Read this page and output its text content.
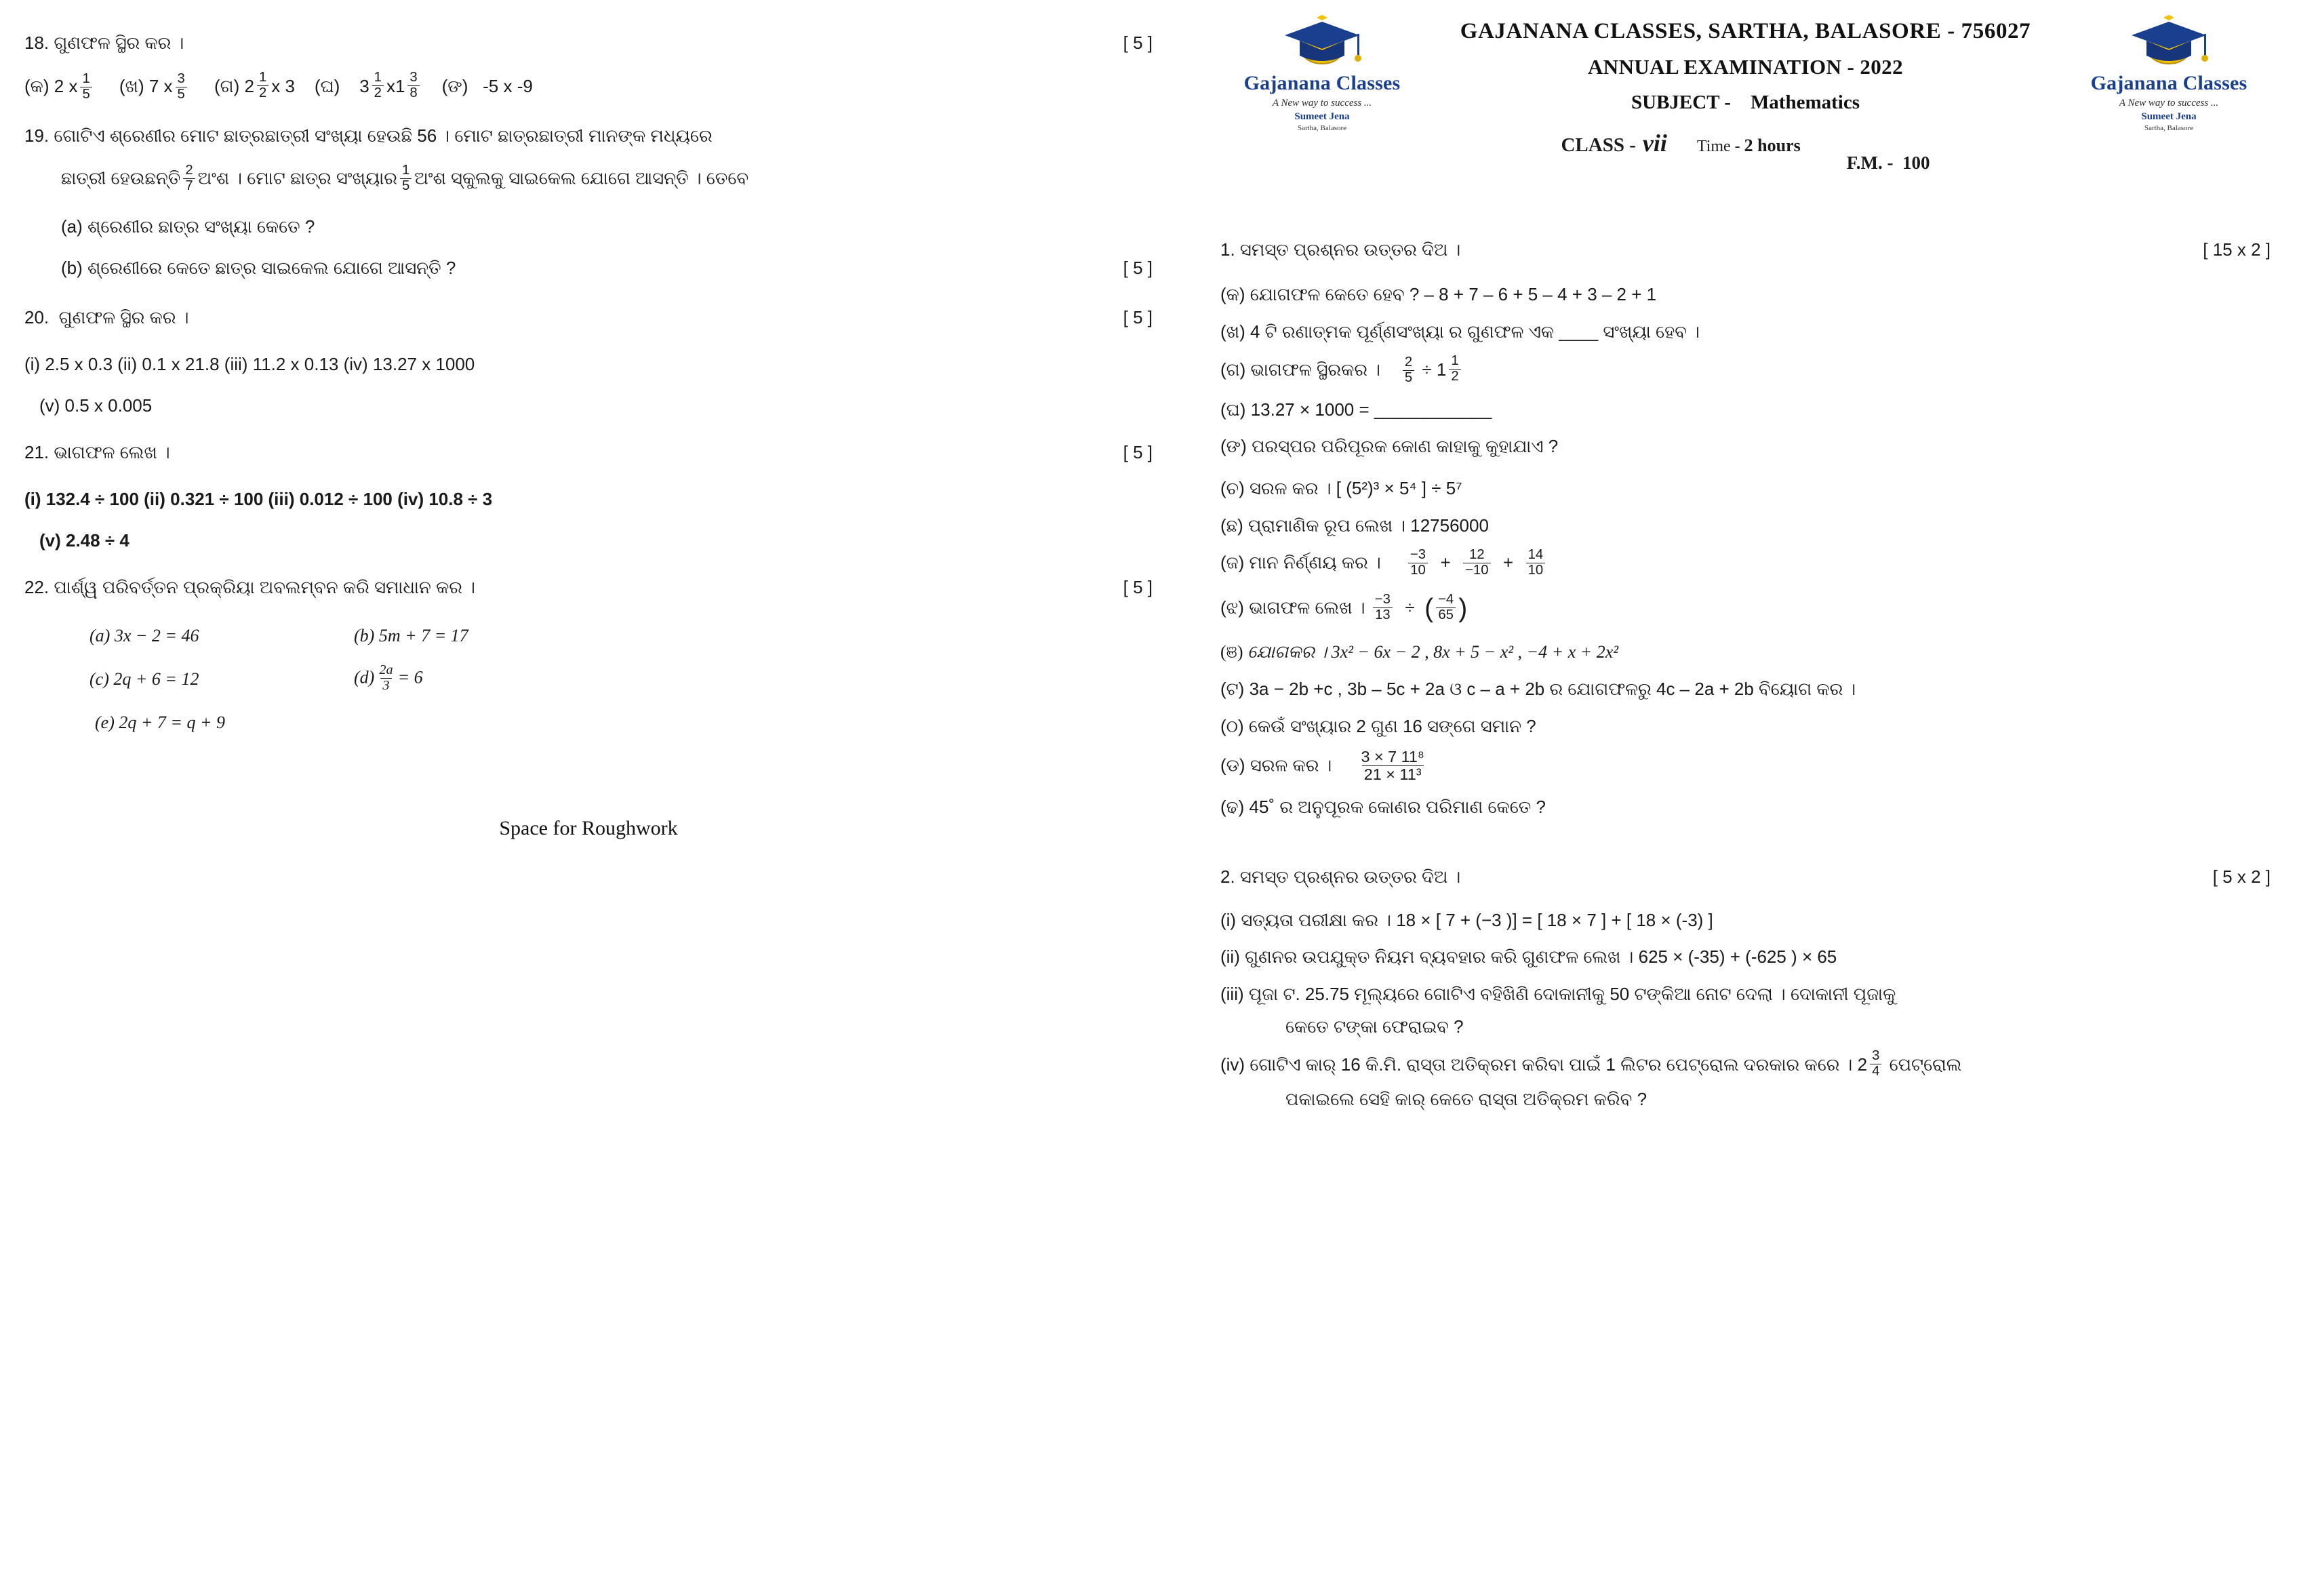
18. ଗୁଣଫଳ ସ୍ଥିର କର ।	[ 5 ]
(କ) 2 x $\frac{1}{5}$ (ଖ) 7 x $\frac{3}{5}$ (ଗ) $2 \frac{1}{2}$ x 3 (ଘ) $3 \frac{1}{2}$ x $1 \frac{3}{8}$ (ଙ) -5 x -9
19. ଗୋଟିଏ ଶ୍ରେଣୀର ମୋଟ ଛାତ୍ରଛାତ୍ରୀ ସଂଖ୍ୟା ହେଉଛି 56 । ମୋଟ ଛାତ୍ରଛାତ୍ରୀ ମାନଙ୍କ ମଧ୍ୟରେ
ଛାତ୍ରୀ ହେଉଛନ୍ତି $\frac{2}{7}$ ଅଂଶ । ମୋଟ ଛାତ୍ର ସଂଖ୍ୟାର $\frac{1}{5}$ ଅଂଶ ସ୍କୁଲକୁ ସାଇକେଲ ଯୋଗେ ଆସନ୍ତି । ତେବେ
(a) ଶ୍ରେଣୀର ଛାତ୍ର ସଂଖ୍ୟା କେତେ ?
(b) ଶ୍ରେଣୀରେ କେତେ ଛାତ୍ର ସାଇକେଲ ଯୋଗେ ଆସନ୍ତି ?	[ 5 ]
20. ଗୁଣଫଳ ସ୍ଥିର କର ।	[ 5 ]
(i) 2.5 x 0.3 (ii) 0.1 x 21.8 (iii) 11.2 x 0.13 (iv) 13.27 x 1000
(v) 0.5 x 0.005
21. ଭାଗଫଳ ଲେଖ ।	[ 5 ]
(i) 132.4 ÷ 100 (ii) 0.321 ÷ 100 (iii) 0.012 ÷ 100 (iv) 10.8 ÷ 3
(v) 2.48 ÷ 4
22. ପାର୍ଶ୍ୱ ପରିବର୍ତ୍ତନ ପ୍ରକ୍ରିୟା ଅବଲମ୍ବନ କରି ସମାଧାନ କର ।	[ 5 ]
(a) 3x − 2 = 46	(b) 5m + 7 = 17
(c) 2q + 6 = 12	$(d) \frac{2a}{3} = 6$
(e) 2q + 7 = q + 9
Space for Roughwork
Gajanana Classes
A New way to success ...
Sumeet Jena
Sartha, Balasore
Gajanana Classes
A New way to success ...
Sumeet Jena
Sartha, Balasore
GAJANANA CLASSES, SARTHA, BALASORE - 756027
ANNUAL EXAMINATION - 2022
SUBJECT - Mathematics
CLASS - vii Time - 2 hours
F.M. - 100
1. ସମସ୍ତ ପ୍ରଶ୍ନର ଉତ୍ତର ଦିଅ ।	[ 15 x 2 ]
(କ) ଯୋଗଫଳ କେତେ ହେବ ? – 8 + 7 – 6 + 5 – 4 + 3 – 2 + 1
(ଖ) 4 ଟି ରଣାତ୍ମକ ପୂର୍ଣ୍ଣସଂଖ୍ୟା ର ଗୁଣଫଳ ଏକ ____ ସଂଖ୍ୟା ହେବ ।
(ଗ) ଭାଗଫଳ ସ୍ଥିରକର । $\frac{2}{5} \div 1 \frac{1}{2}$
(ଘ) 13.27 × 1000 = ____________
(ଙ) ପରସ୍ପର ପରିପୂରକ କୋଣ କାହାକୁ କୁହାଯାଏ ?
(ଚ) ସରଳ କର । [ (5²)³ × 5⁴ ] ÷ 5⁷
(ଛ) ପ୍ରାମାଣିକ ରୂପ ଲେଖ । 12756000
(ଜ) ମାନ ନିର୍ଣ୍ଣୟ କର । $\frac{-3}{10} + \frac{12}{-10} + \frac{14}{10}$
(ଝ) ଭାଗଫଳ ଲେଖ । $\frac{-3}{13}$ ÷ ( $\frac{-4}{65}$ )
(ଞ) ଯୋଗକର । 3x² − 6x − 2 , 8x + 5 − x² , −4 + x + 2x²
(ଟ) 3a − 2b +c , 3b – 5c + 2a ଓ c – a + 2b ର ଯୋଗଫଳରୁ 4c – 2a + 2b ବିୟୋଗ କର ।
(ଠ) କେଉଁ ସଂଖ୍ୟାର 2 ଗୁଣ 16 ସଙ୍ଗେ ସମାନ ?
(ଡ) ସରଳ କର । $\frac{\text{3 × 7 11⁸}}{\text{21 × 11³}}$
(ଢ) 45˚ ର ଅନୁପୂରକ କୋଣର ପରିମାଣ କେତେ ?
2. ସମସ୍ତ ପ୍ରଶ୍ନର ଉତ୍ତର ଦିଅ ।	[ 5 x 2 ]
(i) ସତ୍ୟତା ପରୀକ୍ଷା କର । 18 × [ 7 + (−3 )] = [ 18 × 7 ] + [ 18 × (-3) ]
(ii) ଗୁଣନର ଉପଯୁକ୍ତ ନିୟମ ବ୍ୟବହାର କରି ଗୁଣଫଳ ଲେଖ । 625 × (-35) + (-625 ) × 65
(iii) ପୂଜା ଟ. 25.75 ମୂଲ୍ୟରେ ଗୋଟିଏ ବହିଖିଣି ଦୋକାନୀକୁ 50 ଟଙ୍କିଆ ନୋଟ ଦେଲା । ଦୋକାନୀ ପୂଜାକୁ
କେତେ ଟଙ୍କା ଫେରାଇବ ?
(iv) ଗୋଟିଏ କାର୍ 16 କି.ମି. ରାସ୍ତା ଅତିକ୍ରମ କରିବା ପାଇଁ 1 ଲିଟର ପେଟ୍ରୋଲ ଦରକାର କରେ । $2 \frac{3}{4}$ ପେଟ୍ରୋଲ
ପକାଇଲେ ସେହି କାର୍ କେତେ ରାସ୍ତା ଅତିକ୍ରମ କରିବ ?
